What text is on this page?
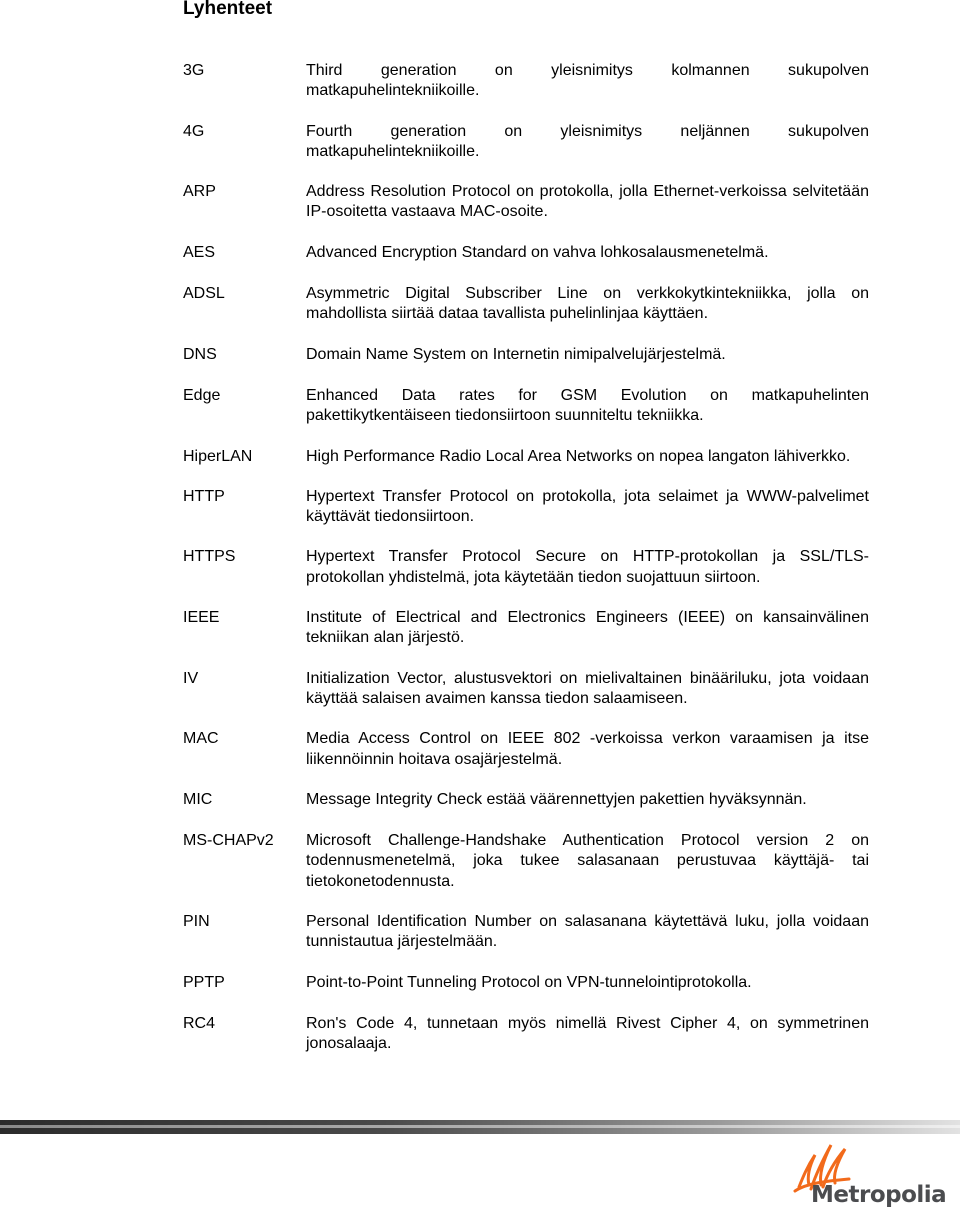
Lyhenteet
3G	Third generation on yleisnimitys kolmannen sukupolven matkapuhelintekniikoille.
4G	Fourth generation on yleisnimitys neljännen sukupolven matkapuhelintekniikoille.
ARP	Address Resolution Protocol on protokolla, jolla Ethernet-verkoissa selvitetään IP-osoitetta vastaava MAC-osoite.
AES	Advanced Encryption Standard on vahva lohkosalausmenetelmä.
ADSL	Asymmetric Digital Subscriber Line on verkkokytkintekniikka, jolla on mahdollista siirtää dataa tavallista puhelinlinjaa käyttäen.
DNS	Domain Name System on Internetin nimipalvelujärjestelmä.
Edge	Enhanced Data rates for GSM Evolution on matkapuhelinten pakettikytkentäiseen tiedonsiirtoon suunniteltu tekniikka.
HiperLAN	High Performance Radio Local Area Networks on nopea langaton lähiverkko.
HTTP	Hypertext Transfer Protocol on protokolla, jota selaimet ja WWW-palvelimet käyttävät tiedonsiirtoon.
HTTPS	Hypertext Transfer Protocol Secure on HTTP-protokollan ja SSL/TLS-protokollan yhdistelmä, jota käytetään tiedon suojattuun siirtoon.
IEEE	Institute of Electrical and Electronics Engineers (IEEE) on kansainvälinen tekniikan alan järjestö.
IV	Initialization Vector, alustusvektori on mielivaltainen binääriluku, jota voidaan käyttää salaisen avaimen kanssa tiedon salaamiseen.
MAC	Media Access Control on IEEE 802 -verkoissa verkon varaamisen ja itse liikennöinnin hoitava osajärjestelmä.
MIC	Message Integrity Check estää väärennettyjen pakettien hyväksynnän.
MS-CHAPv2	Microsoft Challenge-Handshake Authentication Protocol version 2 on todennusmenetelmä, joka tukee salasanaan perustuvaa käyttäjä- tai tietokonetodennusta.
PIN	Personal Identification Number on salasanana käytettävä luku, jolla voidaan tunnistautua järjestelmään.
PPTP	Point-to-Point Tunneling Protocol on VPN-tunnelointiprotokolla.
RC4	Ron's Code 4, tunnetaan myös nimellä Rivest Cipher 4, on symmetrinen jonosalaaja.
Metropolia
